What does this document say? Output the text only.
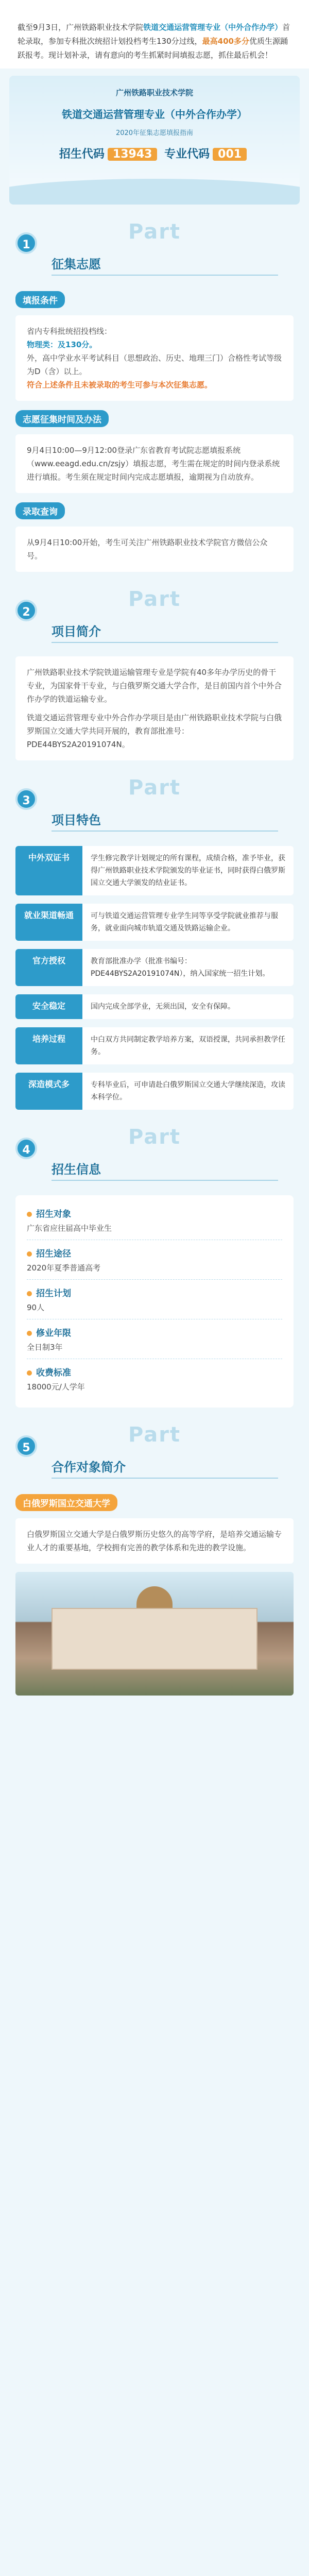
截至9月3日，广州铁路职业技术学院铁道交通运营管理专业（中外合作办学）首轮录取，参加专科批次统招计划投档考生130分过线，最高400多分优质生源踊跃报考。现计划补录，请有意向的考生抓紧时间填报志愿，抓住最后机会！
广州铁路职业技术学院
铁道交通运营管理专业（中外合作办学）
2020年征集志愿填报指南
招生代码 13943 专业代码 001
Part
1
征集志愿
填报条件
省内专科批统招投档线：
物理类：及130分。
外，高中学业水平考试科目（思想政治、历史、地理三门）合格性考试等级为D（含）以上。
符合上述条件且未被录取的考生可参与本次征集志愿。
志愿征集时间及办法
9月4日10:00—9月12:00登录广东省教育考试院志愿填报系统（www.eeagd.edu.cn/zsjy）填报志愿，考生需在规定的时间内登录系统进行填报。考生须在规定时间内完成志愿填报，逾期视为自动放弃。
录取查询
从9月4日10:00开始，考生可关注广州铁路职业技术学院官方微信公众号。
Part
2
项目简介

广州铁路职业技术学院铁道运输管理专业是学院有40多年办学历史的骨干专业，为国家骨干专业，与白俄罗斯交通大学合作，是目前国内首个中外合作办学的铁道运输专业。

铁道交通运营管理专业中外合作办学项目是由广州铁路职业技术学院与白俄罗斯国立交通大学共同开展的，教育部批准号：PDE44BYS2A20191074N。

Part
3
项目特色
中外双证书	学生修完教学计划规定的所有课程，成绩合格，准予毕业，获得广州铁路职业技术学院颁发的毕业证书，同时获得白俄罗斯国立交通大学颁发的结业证书。
就业渠道畅通	可与铁道交通运营管理专业学生同等享受学院就业推荐与服务，就业面向城市轨道交通及铁路运输企业。
官方授权	教育部批准办学（批准书编号：PDE44BYS2A20191074N），纳入国家统一招生计划。
安全稳定	国内完成全部学业，无须出国，安全有保障。
培养过程	中白双方共同制定教学培养方案，双语授课，共同承担教学任务。
深造模式多	专科毕业后，可申请赴白俄罗斯国立交通大学继续深造，攻读本科学位。
Part
4
招生信息
招生对象
广东省应往届高中毕业生
招生途径
2020年夏季普通高考
招生计划
90人
修业年限
全日制3年
收费标准
18000元/人学年
Part
5
合作对象简介
白俄罗斯国立交通大学
白俄罗斯国立交通大学是白俄罗斯历史悠久的高等学府，是培养交通运输专业人才的重要基地，学校拥有完善的教学体系和先进的教学设施。
